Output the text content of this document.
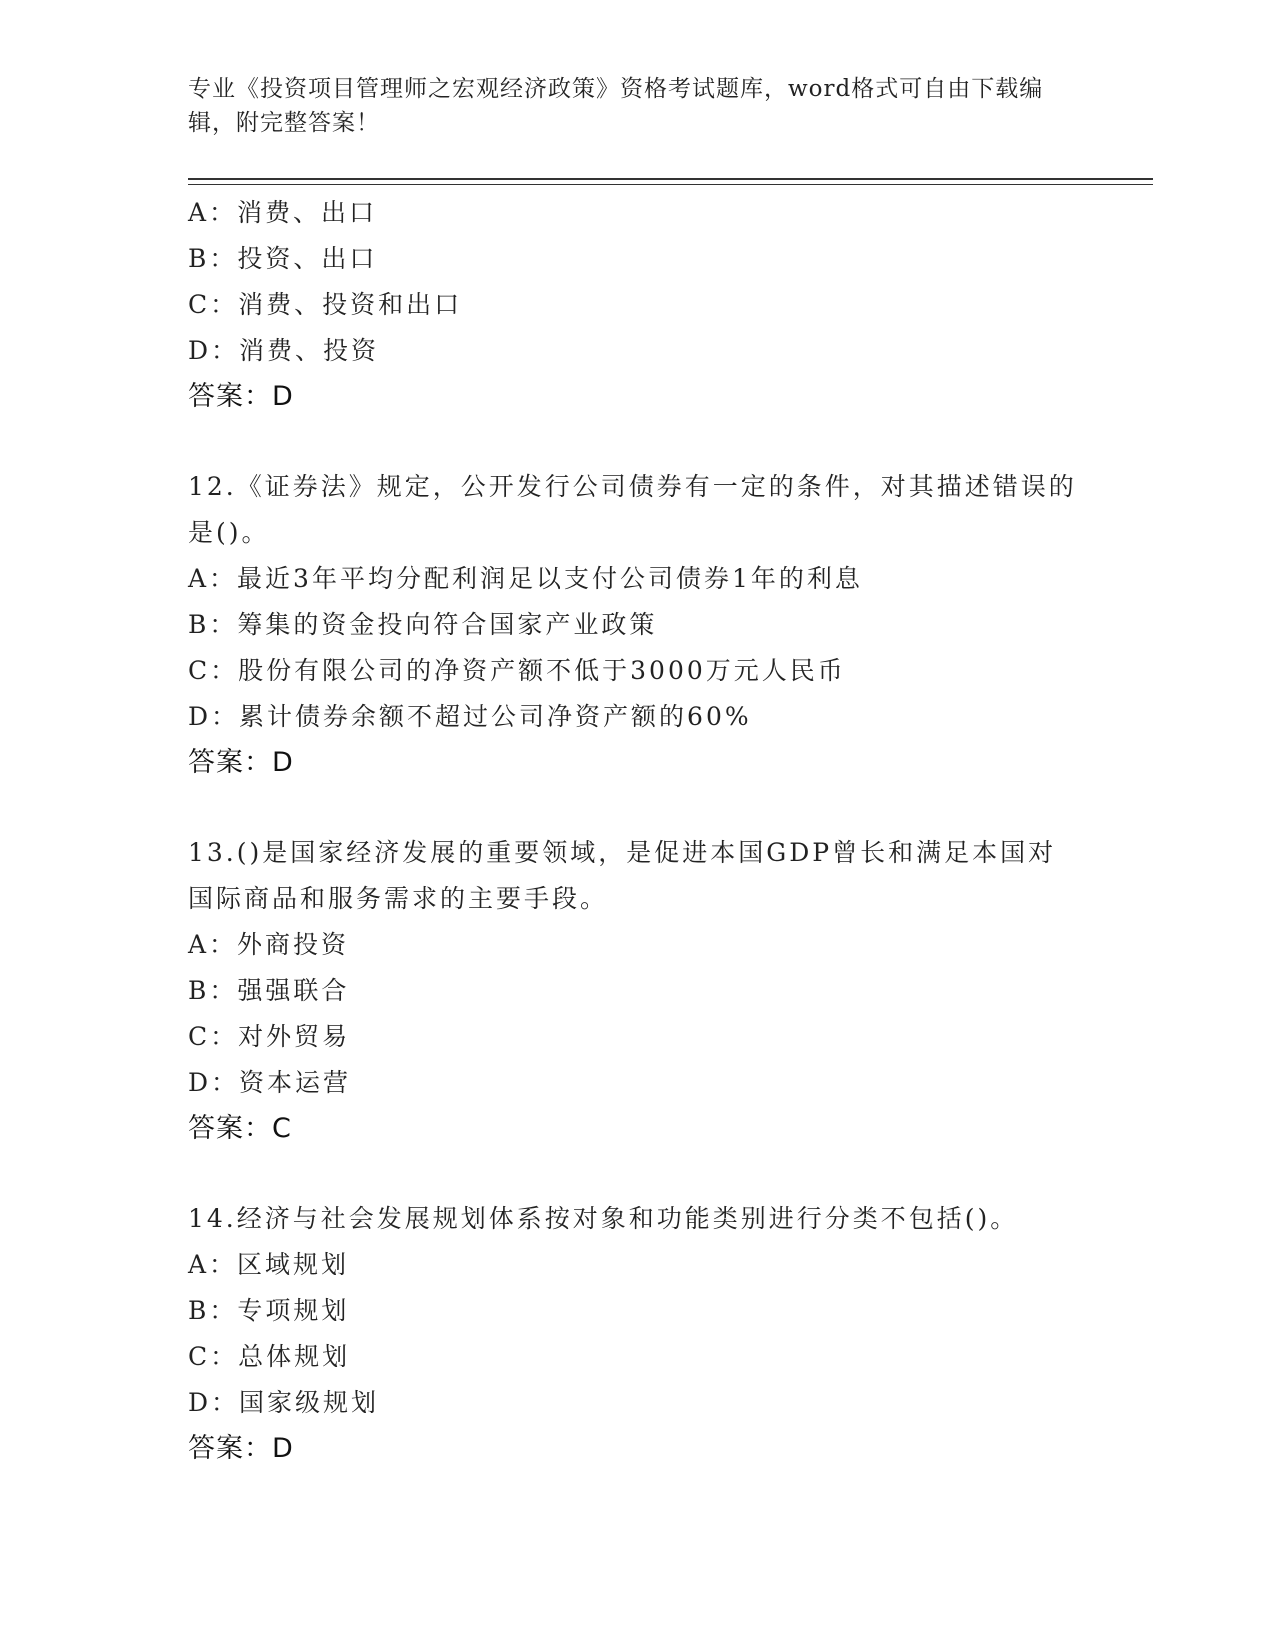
专业《投资项目管理师之宏观经济政策》资格考试题库，word格式可自由下载编辑，附完整答案！
A：消费、出口
B：投资、出口
C：消费、投资和出口
D：消费、投资
答案：D
12.《证券法》规定，公开发行公司债券有一定的条件，对其描述错误的是()。
A：最近3年平均分配利润足以支付公司债券1年的利息
B：筹集的资金投向符合国家产业政策
C：股份有限公司的净资产额不低于3000万元人民币
D：累计债券余额不超过公司净资产额的60%
答案：D
13.()是国家经济发展的重要领域，是促进本国GDP曾长和满足本国对国际商品和服务需求的主要手段。
A：外商投资
B：强强联合
C：对外贸易
D：资本运营
答案：C
14.经济与社会发展规划体系按对象和功能类别进行分类不包括()。
A：区域规划
B：专项规划
C：总体规划
D：国家级规划
答案：D
